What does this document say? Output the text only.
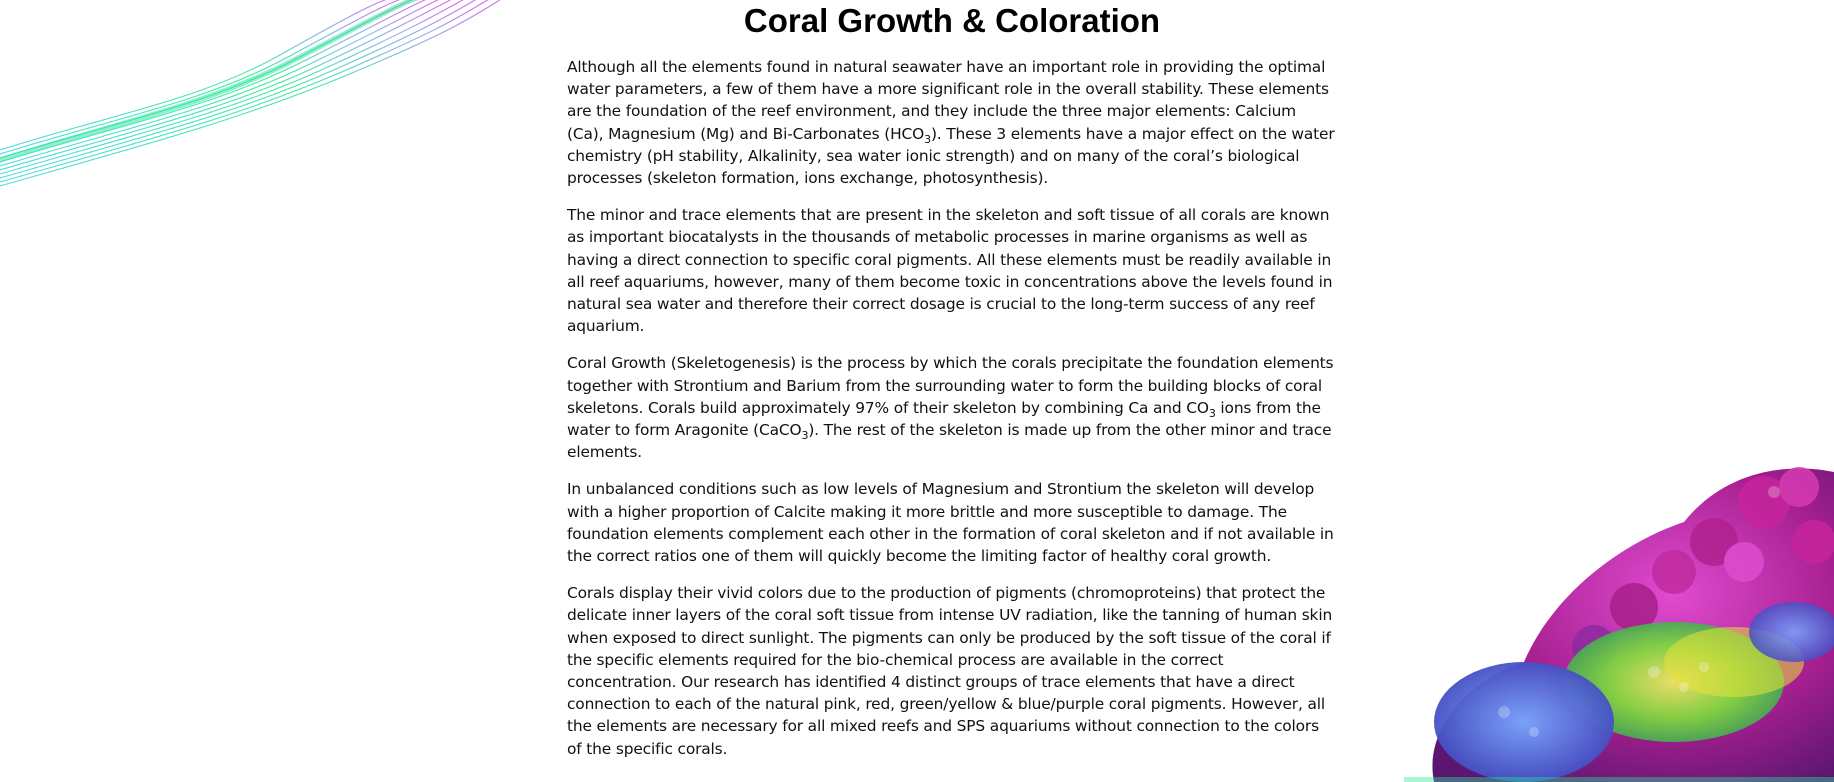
Coral Growth & Coloration

Although all the elements found in natural seawater have an important role in providing the optimal water parameters, a few of them have a more significant role in the overall stability. These elements are the foundation of the reef environment, and they include the three major elements: Calcium (Ca), Magnesium (Mg) and Bi-Carbonates $(HCO_3)$. These 3 elements have a major effect on the water chemistry (pH stability, Alkalinity, sea water ionic strength) and on many of the coral’s biological processes (skeleton formation, ions exchange, photosynthesis).

The minor and trace elements that are present in the skeleton and soft tissue of all corals are known as important biocatalysts in the thousands of metabolic processes in marine organisms as well as having a direct connection to specific coral pigments. All these elements must be readily available in all reef aquariums, however, many of them become toxic in concentrations above the levels found in natural sea water and therefore their correct dosage is crucial to the long-term success of any reef aquarium.

Coral Growth (Skeletogenesis) is the process by which the corals precipitate the foundation elements together with Strontium and Barium from the surrounding water to form the building blocks of coral skeletons. Corals build approximately 97% of their skeleton by combining Ca and $CO_3$ ions from the water to form Aragonite (CaCO$_3$). The rest of the skeleton is made up from the other minor and trace elements.

In unbalanced conditions such as low levels of Magnesium and Strontium the skeleton will develop with a higher proportion of Calcite making it more brittle and more susceptible to damage. The foundation elements complement each other in the formation of coral skeleton and if not available in the correct ratios one of them will quickly become the limiting factor of healthy coral growth.

Corals display their vivid colors due to the production of pigments (chromoproteins) that protect the delicate inner layers of the coral soft tissue from intense UV radiation, like the tanning of human skin when exposed to direct sunlight. The pigments can only be produced by the soft tissue of the coral if the specific elements required for the bio-chemical process are available in the correct concentration. Our research has identified 4 distinct groups of trace elements that have a direct connection to each of the natural pink, red, green/yellow & blue/purple coral pigments. However, all the elements are necessary for all mixed reefs and SPS aquariums without connection to the colors of the specific corals.
